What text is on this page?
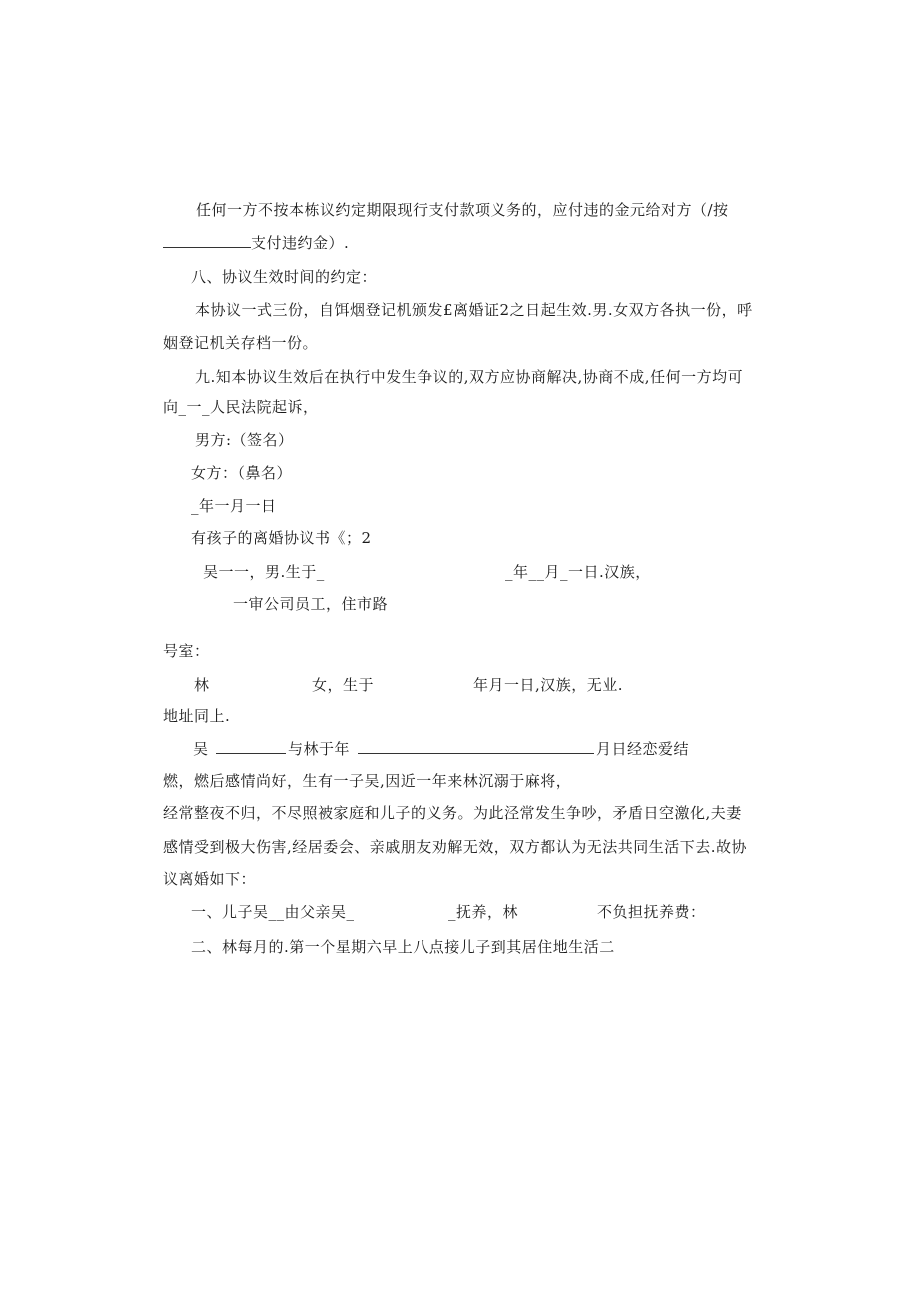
任何一方不按本栋议约定期限现行支付款项义务的，应付违的金元给对方（/按
支付违约金）.
八、协议生效时间的约定：
本协议一式三份，自饵烟登记机颁发£离婚证2之日起生效.男.女双方各执一份，呼
姻登记机关存档一份。
九.知本协议生效后在执行中发生争议的,双方应协商解决,协商不成,任何一方均可
向_一_人民法院起诉，
男方:（签名）
女方：（鼻名）
_年一月一日
有孩子的离婚协议书《；2
吴一一，男.生于_	_年__月_一日.汉族，
一审公司员工，住市路
号室：
林	女，生于	年月一日,汉族，无业.
地址同上.
吴	与林于年	月日经恋爱结
燃，燃后感情尚好，生有一子吴,因近一年来林沉溺于麻将，
经常整夜不归，不尽照被家庭和儿子的义务。为此泾常发生争吵，矛盾日空激化,夫妻
感情受到极大伤害,经居委会、亲戚朋友劝解无效，双方都认为无法共同生活下去.故协
议离婚如下：
一、儿子吴__由父亲吴_	_抚养，林	不负担抚养费：
二、林每月的.第一个星期六早上八点接儿子到其居住地生活二
